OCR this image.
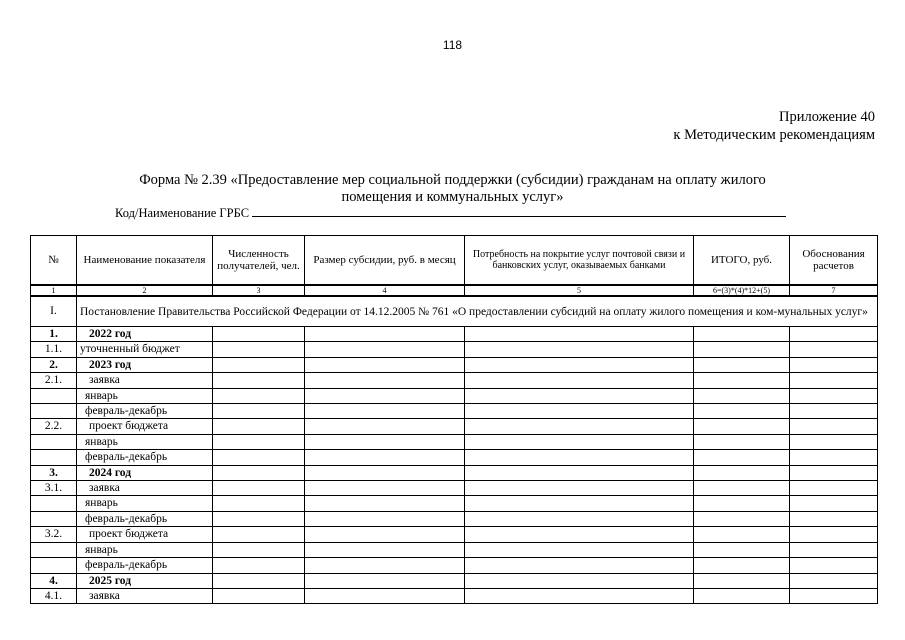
118
Приложение 40
к Методическим рекомендациям
Форма № 2.39 «Предоставление мер социальной поддержки (субсидии) гражданам на оплату жилого
помещения и коммунальных услуг»
Код/Наименование ГРБС
№	Наименование показателя	Численность получателей, чел.	Размер субсидии, руб. в месяц	Потребность на покрытие услуг почтовой связи и банковских услуг, оказываемых банками	ИТОГО, руб.	Обоснования расчетов
1	2	3	4	5	6=(3)*(4)*12+(5)	7
I.	Постановление Правительства Российской Федерации от 14.12.2005 № 761 «О предоставлении субсидий на оплату жилого помещения и ком-мунальных услуг»					
1.	2022 год					
1.1.	уточненный бюджет					
2.	2023 год					
2.1.	заявка					
	январь					
	февраль-декабрь					
2.2.	проект бюджета					
	январь					
	февраль-декабрь					
3.	2024 год					
3.1.	заявка					
	январь					
	февраль-декабрь					
3.2.	проект бюджета					
	январь					
	февраль-декабрь					
4.	2025 год					
4.1.	заявка					
